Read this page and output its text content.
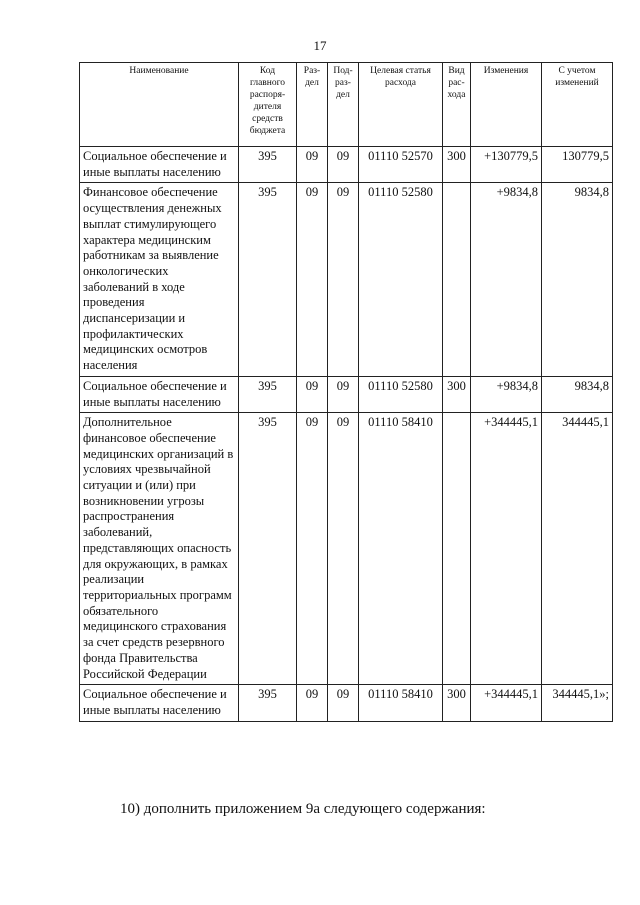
17
Наименование	Код главного распоря-дителя средств бюджета	Раз-дел	Под-раз-дел	Целевая статья расхода	Вид рас-хода	Изменения	С учетом изменений
Социальное обеспечение и иные выплаты населению	395	09	09	01110 52570	300	+130779,5	130779,5
Финансовое обеспечение осуществления денежных выплат стимулирующего характера медицинским работникам за выявление онкологических заболеваний в ходе проведения диспансеризации и профилактических медицинских осмотров населения	395	09	09	01110 52580		+9834,8	9834,8
Социальное обеспечение и иные выплаты населению	395	09	09	01110 52580	300	+9834,8	9834,8
Дополнительное финансовое обеспечение медицинских организаций в условиях чрезвычайной ситуации и (или) при возникновении угрозы распространения заболеваний, представляющих опасность для окружающих, в рамках реализации территориальных программ обязательного медицинского страхования за счет средств резервного фонда Правительства Российской Федерации	395	09	09	01110 58410		+344445,1	344445,1
Социальное обеспечение и иные выплаты населению	395	09	09	01110 58410	300	+344445,1	344445,1»;
10) дополнить приложением 9а следующего содержания:
